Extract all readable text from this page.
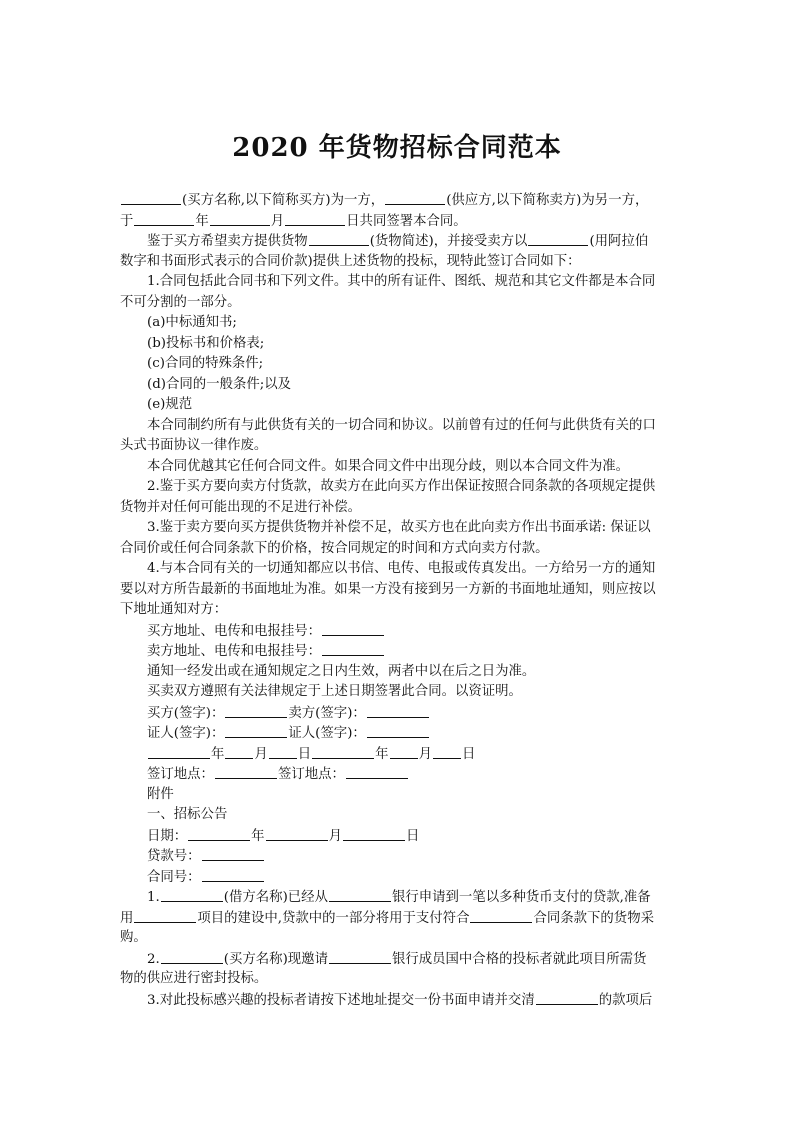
2020 年货物招标合同范本
(买方名称,以下简称买方)为一方，	(供应方,以下简称卖方)为另一方，
于	年	月	日共同签署本合同。
鉴于买方希望卖方提供货物	(货物简述)，并接受卖方以	(用阿拉伯
数字和书面形式表示的合同价款)提供上述货物的投标，现特此签订合同如下：
1.合同包括此合同书和下列文件。其中的所有证件、图纸、规范和其它文件都是本合同
不可分割的一部分。
(a)中标通知书;
(b)投标书和价格表;
(c)合同的特殊条件;
(d)合同的一般条件;以及
(e)规范
本合同制约所有与此供货有关的一切合同和协议。以前曾有过的任何与此供货有关的口
头式书面协议一律作废。
本合同优越其它任何合同文件。如果合同文件中出现分歧，则以本合同文件为准。
2.鉴于买方要向卖方付货款，故卖方在此向买方作出保证按照合同条款的各项规定提供
货物并对任何可能出现的不足进行补偿。
3.鉴于卖方要向买方提供货物并补偿不足，故买方也在此向卖方作出书面承诺: 保证以
合同价或任何合同条款下的价格，按合同规定的时间和方式向卖方付款。
4.与本合同有关的一切通知都应以书信、电传、电报或传真发出。一方给另一方的通知
要以对方所告最新的书面地址为准。如果一方没有接到另一方新的书面地址通知，则应按以
下地址通知对方：
买方地址、电传和电报挂号：
卖方地址、电传和电报挂号：
通知一经发出或在通知规定之日内生效，两者中以在后之日为准。
买卖双方遵照有关法律规定于上述日期签署此合同。以资证明。
买方(签字)：	卖方(签字)：
证人(签字)：	证人(签字)：
年 月 日	年 月 日
签订地点：	签订地点：
附件
一、招标公告
日期：	年	月	日
贷款号：
合同号：
1.	(借方名称)已经从	银行申请到一笔以多种货币支付的贷款,准备
用	项目的建设中,贷款中的一部分将用于支付符合	合同条款下的货物采
购。
2.	(买方名称)现邀请	银行成员国中合格的投标者就此项目所需货
物的供应进行密封投标。
3.对此投标感兴趣的投标者请按下述地址提交一份书面申请并交清	的款项后
